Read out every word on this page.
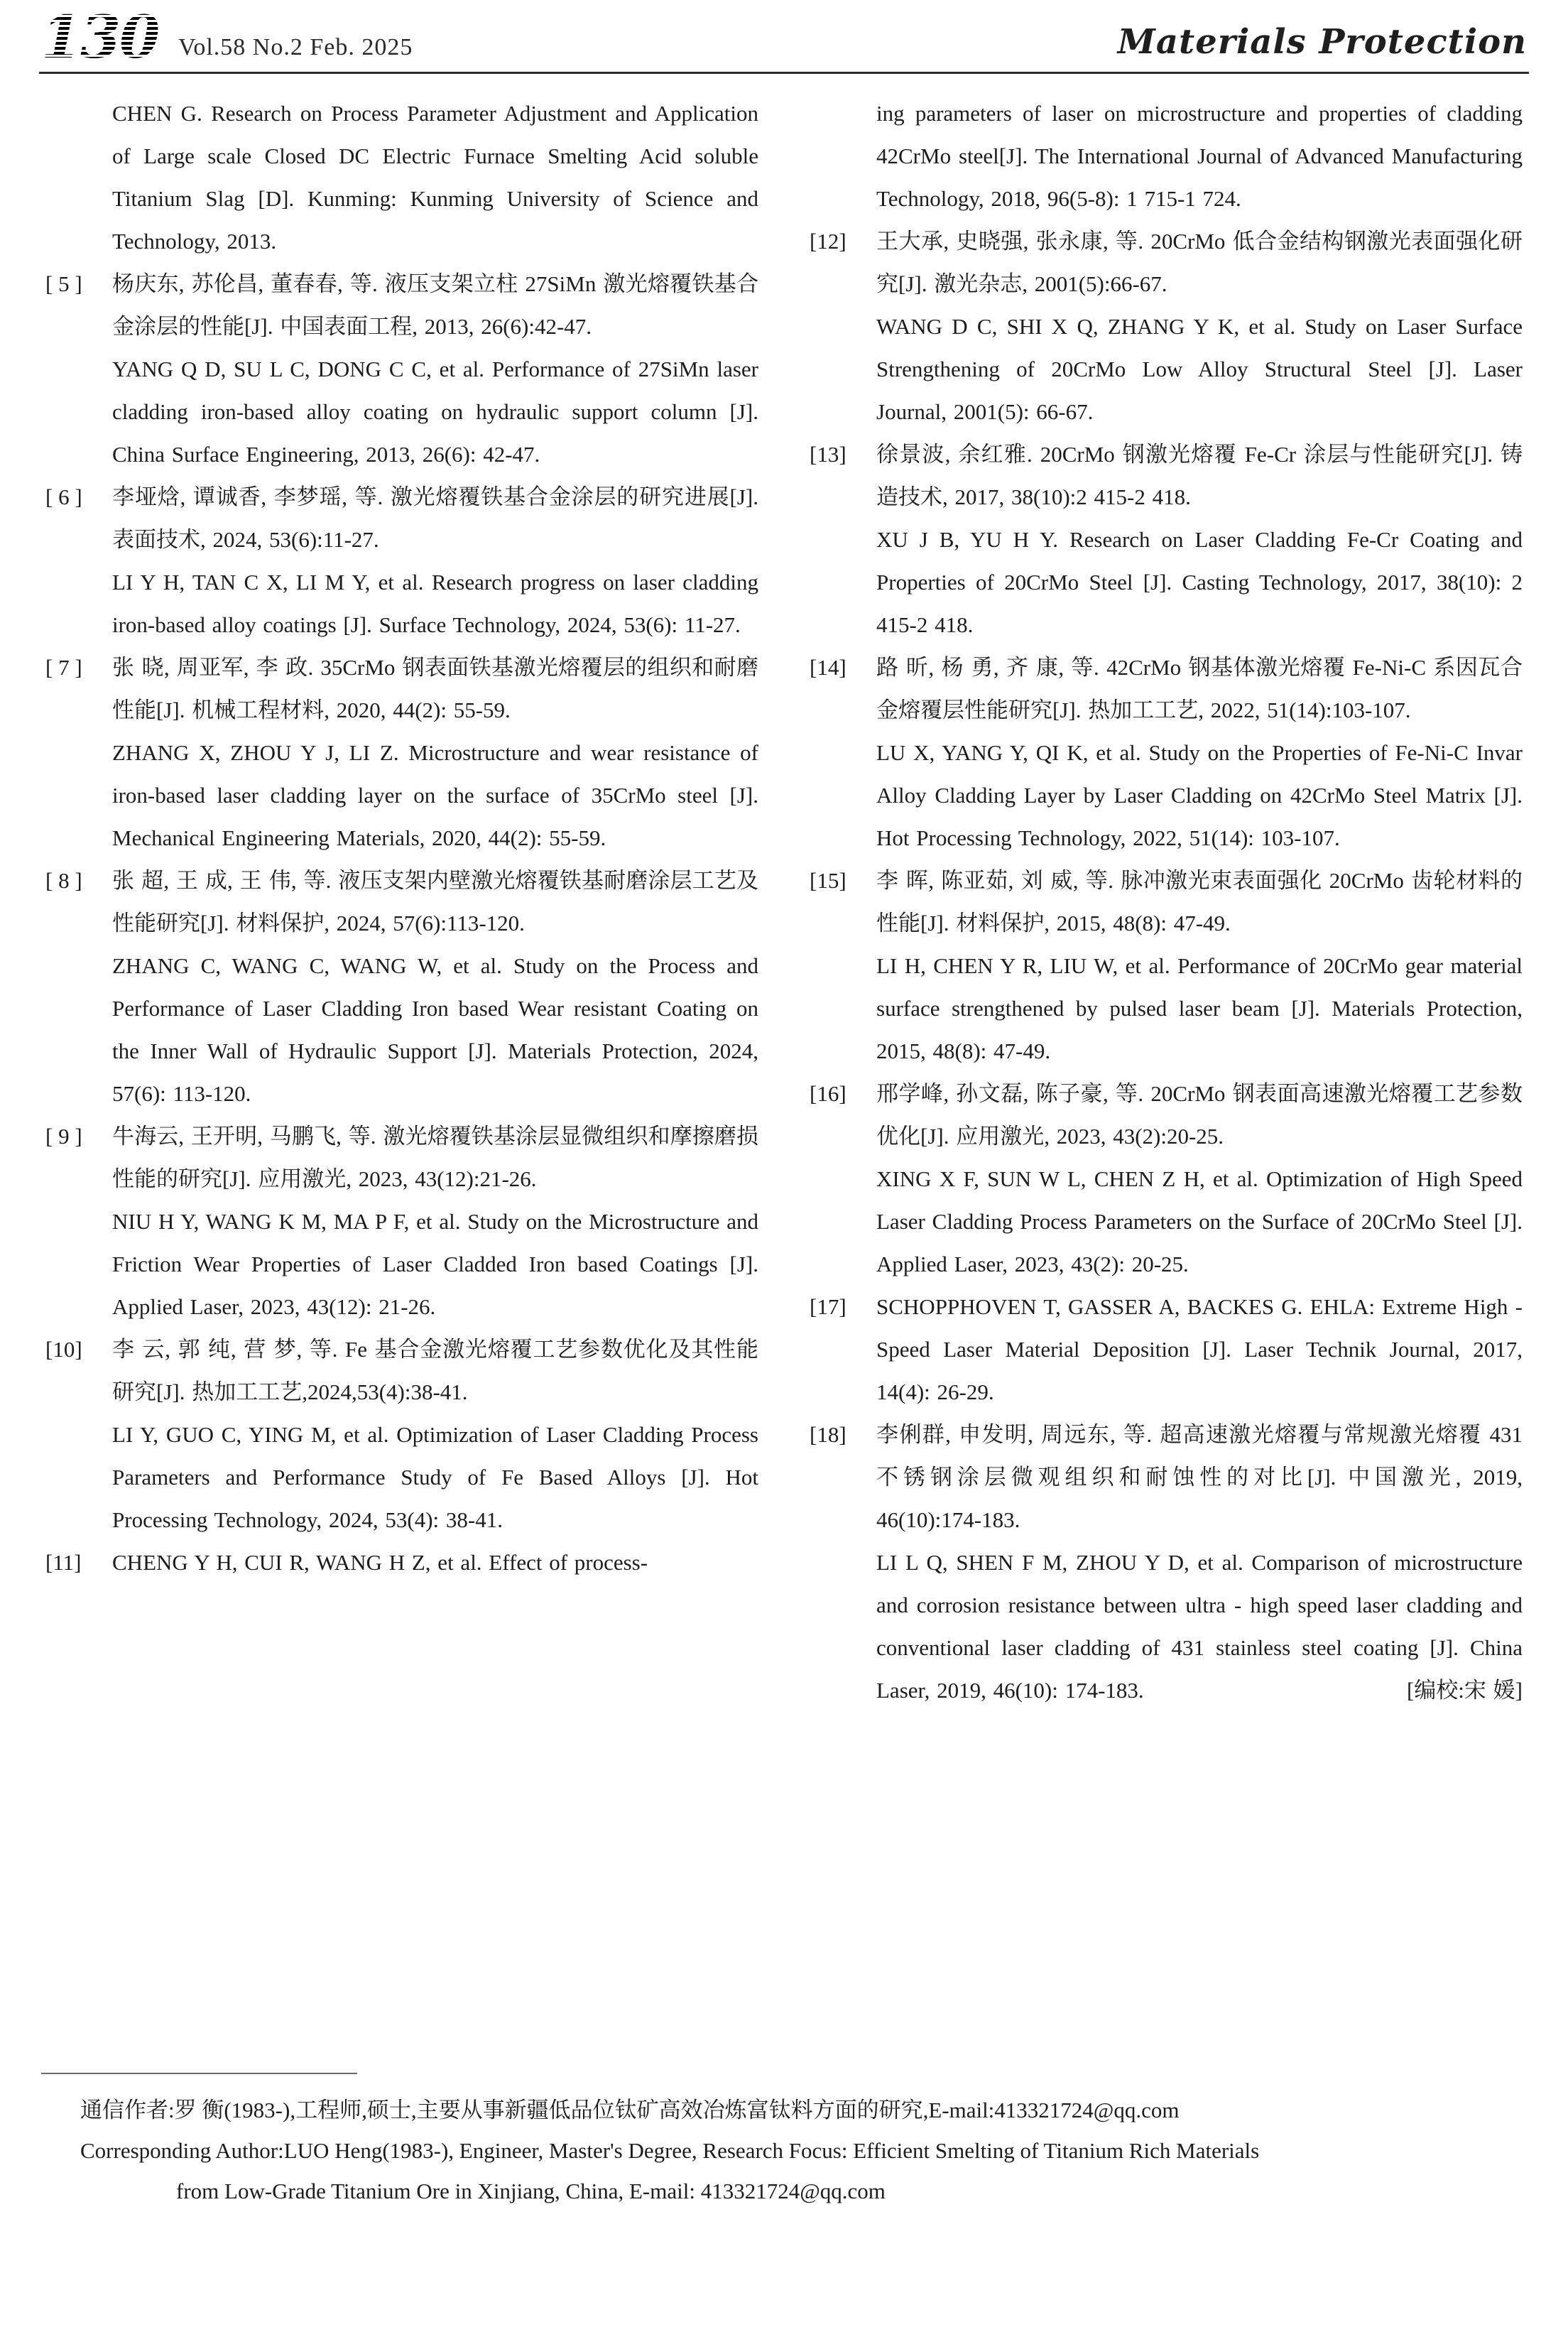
130 Vol.58 No.2 Feb. 2025	Materials Protection

CHEN G. Research on Process Parameter Adjustment and Application of Large scale Closed DC Electric Furnace Smelting Acid soluble Titanium Slag [D]. Kunming: Kunming University of Science and Technology, 2013.

[ 5 ]	杨庆东, 苏伦昌, 董春春, 等. 液压支架立柱 27SiMn 激光熔覆铁基合金涂层的性能[J]. 中国表面工程, 2013, 26(6):42-47.

YANG Q D, SU L C, DONG C C, et al. Performance of 27SiMn laser cladding iron-based alloy coating on hydraulic support column [J]. China Surface Engineering, 2013, 26(6): 42-47.

[ 6 ]	李垭焓, 谭诚香, 李梦瑶, 等. 激光熔覆铁基合金涂层的研究进展[J]. 表面技术, 2024, 53(6):11-27.

LI Y H, TAN C X, LI M Y, et al. Research progress on laser cladding iron-based alloy coatings [J]. Surface Technology, 2024, 53(6): 11-27.

[ 7 ]	张 晓, 周亚军, 李 政. 35CrMo 钢表面铁基激光熔覆层的组织和耐磨性能[J]. 机械工程材料, 2020, 44(2): 55-59.

ZHANG X, ZHOU Y J, LI Z. Microstructure and wear resistance of iron-based laser cladding layer on the surface of 35CrMo steel [J]. Mechanical Engineering Materials, 2020, 44(2): 55-59.

[ 8 ]	张 超, 王 成, 王 伟, 等. 液压支架内壁激光熔覆铁基耐磨涂层工艺及性能研究[J]. 材料保护, 2024, 57(6):113-120.

ZHANG C, WANG C, WANG W, et al. Study on the Process and Performance of Laser Cladding Iron based Wear resistant Coating on the Inner Wall of Hydraulic Support [J]. Materials Protection, 2024, 57(6): 113-120.

[ 9 ]	牛海云, 王开明, 马鹏飞, 等. 激光熔覆铁基涂层显微组织和摩擦磨损性能的研究[J]. 应用激光, 2023, 43(12):21-26.

NIU H Y, WANG K M, MA P F, et al. Study on the Microstructure and Friction Wear Properties of Laser Cladded Iron based Coatings [J]. Applied Laser, 2023, 43(12): 21-26.

[10]	李 云, 郭 纯, 营 梦, 等. Fe 基合金激光熔覆工艺参数优化及其性能研究[J]. 热加工工艺,2024,53(4):38-41.

LI Y, GUO C, YING M, et al. Optimization of Laser Cladding Process Parameters and Performance Study of Fe Based Alloys [J]. Hot Processing Technology, 2024, 53(4): 38-41.

[11]	CHENG Y H, CUI R, WANG H Z, et al. Effect of process-

ing parameters of laser on microstructure and properties of cladding 42CrMo steel[J]. The International Journal of Advanced Manufacturing Technology, 2018, 96(5-8): 1 715-1 724.

[12]	王大承, 史晓强, 张永康, 等. 20CrMo 低合金结构钢激光表面强化研究[J]. 激光杂志, 2001(5):66-67.

WANG D C, SHI X Q, ZHANG Y K, et al. Study on Laser Surface Strengthening of 20CrMo Low Alloy Structural Steel [J]. Laser Journal, 2001(5): 66-67.

[13]	徐景波, 余红雅. 20CrMo 钢激光熔覆 Fe-Cr 涂层与性能研究[J]. 铸造技术, 2017, 38(10):2 415-2 418.

XU J B, YU H Y. Research on Laser Cladding Fe-Cr Coating and Properties of 20CrMo Steel [J]. Casting Technology, 2017, 38(10): 2 415-2 418.

[14]	路 昕, 杨 勇, 齐 康, 等. 42CrMo 钢基体激光熔覆 Fe-Ni-C 系因瓦合金熔覆层性能研究[J]. 热加工工艺, 2022, 51(14):103-107.

LU X, YANG Y, QI K, et al. Study on the Properties of Fe-Ni-C Invar Alloy Cladding Layer by Laser Cladding on 42CrMo Steel Matrix [J]. Hot Processing Technology, 2022, 51(14): 103-107.

[15]	李 晖, 陈亚茹, 刘 威, 等. 脉冲激光束表面强化 20CrMo 齿轮材料的性能[J]. 材料保护, 2015, 48(8): 47-49.

LI H, CHEN Y R, LIU W, et al. Performance of 20CrMo gear material surface strengthened by pulsed laser beam [J]. Materials Protection, 2015, 48(8): 47-49.

[16]	邢学峰, 孙文磊, 陈子豪, 等. 20CrMo 钢表面高速激光熔覆工艺参数优化[J]. 应用激光, 2023, 43(2):20-25.

XING X F, SUN W L, CHEN Z H, et al. Optimization of High Speed Laser Cladding Process Parameters on the Surface of 20CrMo Steel [J]. Applied Laser, 2023, 43(2): 20-25.

[17]	SCHOPPHOVEN T, GASSER A, BACKES G. EHLA: Extreme High - Speed Laser Material Deposition [J]. Laser Technik Journal, 2017, 14(4): 26-29.

[18]	李俐群, 申发明, 周远东, 等. 超高速激光熔覆与常规激光熔覆 431 不锈钢涂层微观组织和耐蚀性的对比[J]. 中国激光, 2019, 46(10):174-183.

LI L Q, SHEN F M, ZHOU Y D, et al. Comparison of microstructure and corrosion resistance between ultra - high speed laser cladding and conventional laser cladding of 431 stainless steel coating [J]. China Laser, 2019, 46(10): 174-183.	[编校:宋 媛]

通信作者:罗 衡(1983-),工程师,硕士,主要从事新疆低品位钛矿高效冶炼富钛料方面的研究,E-mail:413321724@qq.com
Corresponding Author:LUO Heng(1983-), Engineer, Master's Degree, Research Focus: Efficient Smelting of Titanium Rich Materials
from Low-Grade Titanium Ore in Xinjiang, China, E-mail: 413321724@qq.com
